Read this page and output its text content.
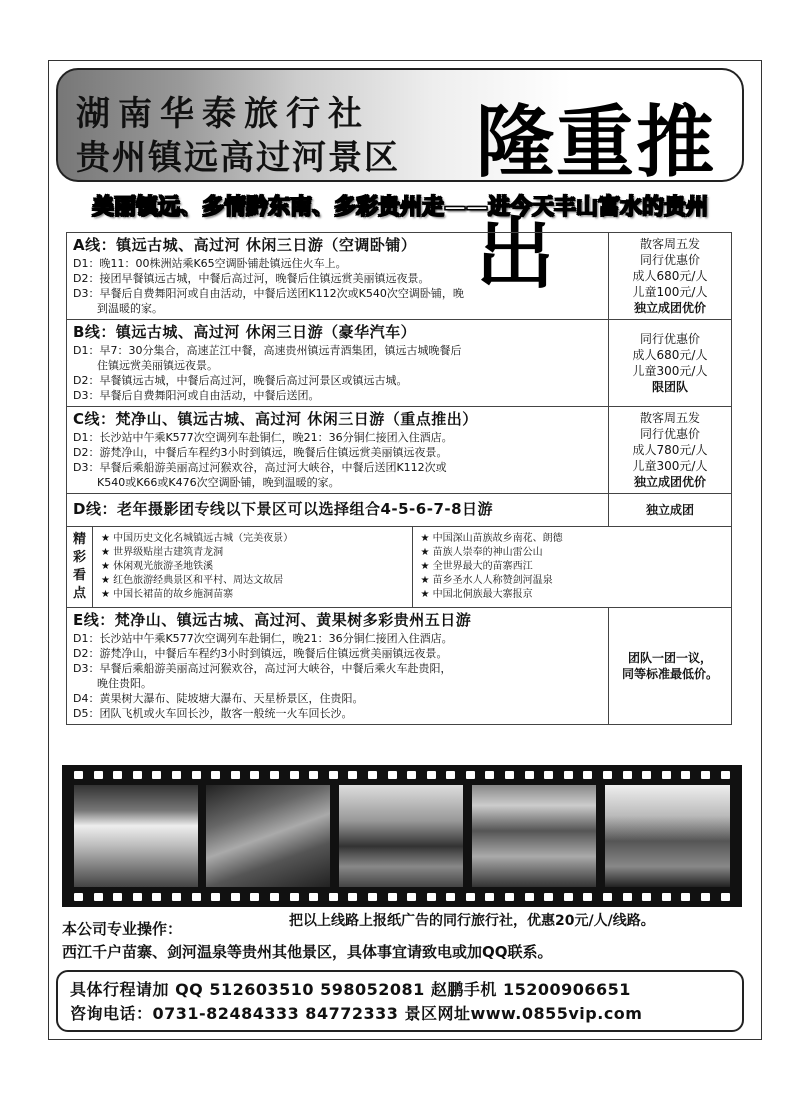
湖南华泰旅行社
贵州镇远高过河景区 隆重推出
美丽镇远、多情黔东南、多彩贵州走——进今天丰山富水的贵州
A线：镇远古城、高过河 休闲三日游（空调卧铺）
D1：晚11：00株洲站乘K65空调卧铺赴镇远住火车上。
D2：接团早餐镇远古城，中餐后高过河，晚餐后住镇远赏美丽镇远夜景。
D3：早餐后自费舞阳河或自由活动，中餐后送团K112次或K540次空调卧铺，晚
到温暖的家。
散客周五发
同行优惠价
成人680元/人
儿童100元/人
独立成团优价
B线：镇远古城、高过河 休闲三日游（豪华汽车）
D1：早7：30分集合，高速芷江中餐，高速贵州镇远青酒集团，镇远古城晚餐后
住镇远赏美丽镇远夜景。
D2：早餐镇远古城，中餐后高过河，晚餐后高过河景区或镇远古城。
D3：早餐后自费舞阳河或自由活动，中餐后送团。
同行优惠价
成人680元/人
儿童300元/人
限团队
C线：梵净山、镇远古城、高过河 休闲三日游（重点推出）
D1：长沙站中午乘K577次空调列车赴铜仁，晚21：36分铜仁接团入住酒店。
D2：游梵净山，中餐后车程约3小时到镇远，晚餐后住镇远赏美丽镇远夜景。
D3：早餐后乘船游美丽高过河猴欢谷，高过河大峡谷，中餐后送团K112次或
K540或K66或K476次空调卧铺，晚到温暖的家。
散客周五发
同行优惠价
成人780元/人
儿童300元/人
独立成团优价
D线：老年摄影团专线以下景区可以选择组合4-5-6-7-8日游	独立成团
精
彩
看
点
★ 中国历史文化名城镇远古城（完美夜景）
★ 世界级贴崖古建筑青龙洞
★ 休闲观光旅游圣地铁溪
★ 红色旅游经典景区和平村、周达文故居
★ 中国长裙苗的故乡施洞苗寨
★ 中国深山苗族故乡南花、朗德
★ 苗族人崇奉的神山雷公山
★ 全世界最大的苗寨西江
★ 苗乡圣水人人称赞剑河温泉
★ 中国北侗族最大寨报京
E线：梵净山、镇远古城、高过河、黄果树多彩贵州五日游
D1：长沙站中午乘K577次空调列车赴铜仁，晚21：36分铜仁接团入住酒店。
D2：游梵净山，中餐后车程约3小时到镇远，晚餐后住镇远赏美丽镇远夜景。
D3：早餐后乘船游美丽高过河猴欢谷，高过河大峡谷，中餐后乘火车赴贵阳，
晚住贵阳。
D4：黄果树大瀑布、陡坡塘大瀑布、天星桥景区，住贵阳。
D5：团队飞机或火车回长沙，散客一般统一火车回长沙。
团队一团一议，
同等标准最低价。
本公司专业操作：	把以上线路上报纸广告的同行旅行社，优惠20元/人/线路。
西江千户苗寨、剑河温泉等贵州其他景区，具体事宜请致电或加QQ联系。
具体行程请加 QQ 512603510 598052081 赵鹏手机 15200906651
咨询电话：0731-82484333 84772333 景区网址www.0855vip.com
